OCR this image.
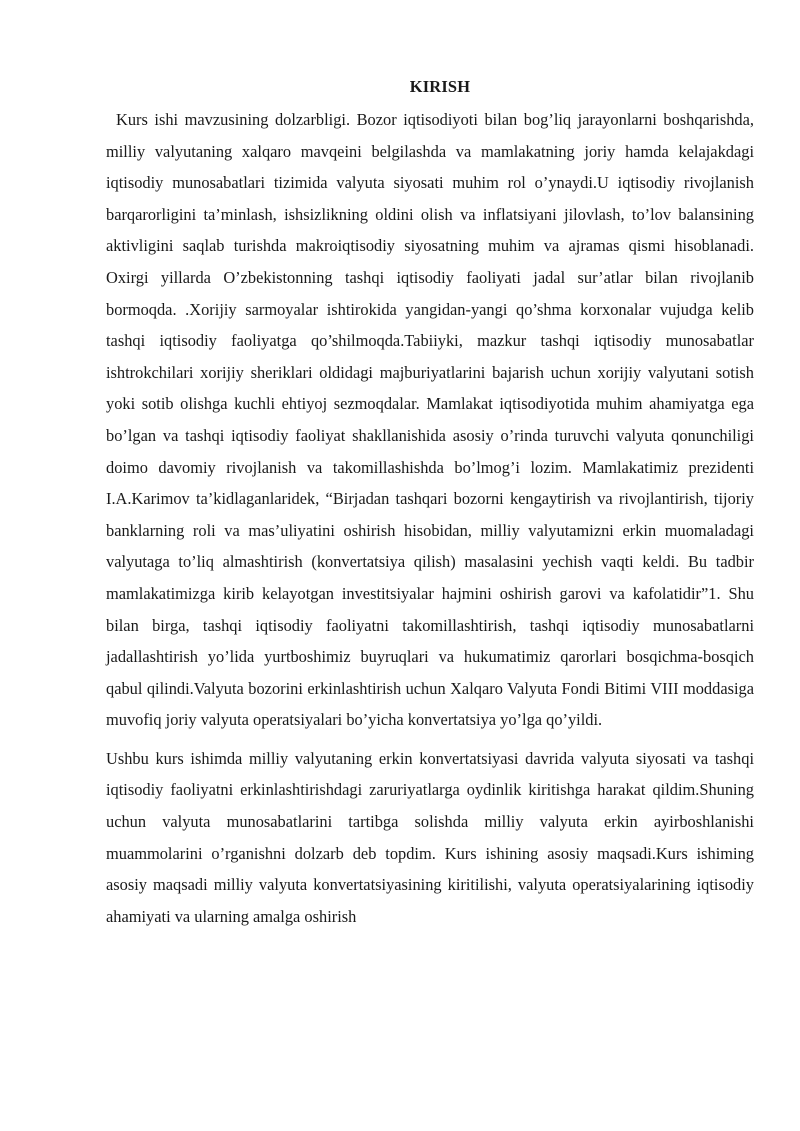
KIRISH

Kurs ishi mavzusining dolzarbligi. Bozor iqtisodiyoti bilan bog’liq jarayonlarni boshqarishda, milliy valyutaning xalqaro mavqeini belgilashda va mamlakatning joriy hamda kelajakdagi iqtisodiy munosabatlari tizimida valyuta siyosati muhim rol o’ynaydi.U iqtisodiy rivojlanish barqarorligini ta’minlash, ishsizlikning oldini olish va inflatsiyani jilovlash, to’lov balansining aktivligini saqlab turishda makroiqtisodiy siyosatning muhim va ajramas qismi hisoblanadi. Oxirgi yillarda O’zbekistonning tashqi iqtisodiy faoliyati jadal sur’atlar bilan rivojlanib bormoqda. .Xorijiy sarmoyalar ishtirokida yangidan-yangi qo’shma korxonalar vujudga kelib tashqi iqtisodiy faoliyatga qo’shilmoqda.Tabiiyki, mazkur tashqi iqtisodiy munosabatlar ishtrokchilari xorijiy sheriklari oldidagi majburiyatlarini bajarish uchun xorijiy valyutani sotish yoki sotib olishga kuchli ehtiyoj sezmoqdalar. Mamlakat iqtisodiyotida muhim ahamiyatga ega bo’lgan va tashqi iqtisodiy faoliyat shakllanishida asosiy o’rinda turuvchi valyuta qonunchiligi doimo davomiy rivojlanish va takomillashishda bo’lmog’i lozim. Mamlakatimiz prezidenti I.A.Karimov ta’kidlaganlaridek, “Birjadan tashqari bozorni kengaytirish va rivojlantirish, tijoriy banklarning roli va mas’uliyatini oshirish hisobidan, milliy valyutamizni erkin muomaladagi valyutaga to’liq almashtirish (konvertatsiya qilish) masalasini yechish vaqti keldi. Bu tadbir mamlakatimizga kirib kelayotgan investitsiyalar hajmini oshirish garovi va kafolatidir”1. Shu bilan birga, tashqi iqtisodiy faoliyatni takomillashtirish, tashqi iqtisodiy munosabatlarni jadallashtirish yo’lida yurtboshimiz buyruqlari va hukumatimiz qarorlari bosqichma-bosqich qabul qilindi.Valyuta bozorini erkinlashtirish uchun Xalqaro Valyuta Fondi Bitimi VIII moddasiga muvofiq joriy valyuta operatsiyalari bo’yicha konvertatsiya yo’lga qo’yildi.

Ushbu kurs ishimda milliy valyutaning erkin konvertatsiyasi davrida valyuta siyosati va tashqi iqtisodiy faoliyatni erkinlashtirishdagi zaruriyatlarga oydinlik kiritishga harakat qildim.Shuning uchun valyuta munosabatlarini tartibga solishda milliy valyuta erkin ayirboshlanishi muammolarini o’rganishni dolzarb deb topdim. Kurs ishining asosiy maqsadi.Kurs ishiming asosiy maqsadi milliy valyuta konvertatsiyasining kiritilishi, valyuta operatsiyalarining iqtisodiy ahamiyati va ularning amalga oshirish
